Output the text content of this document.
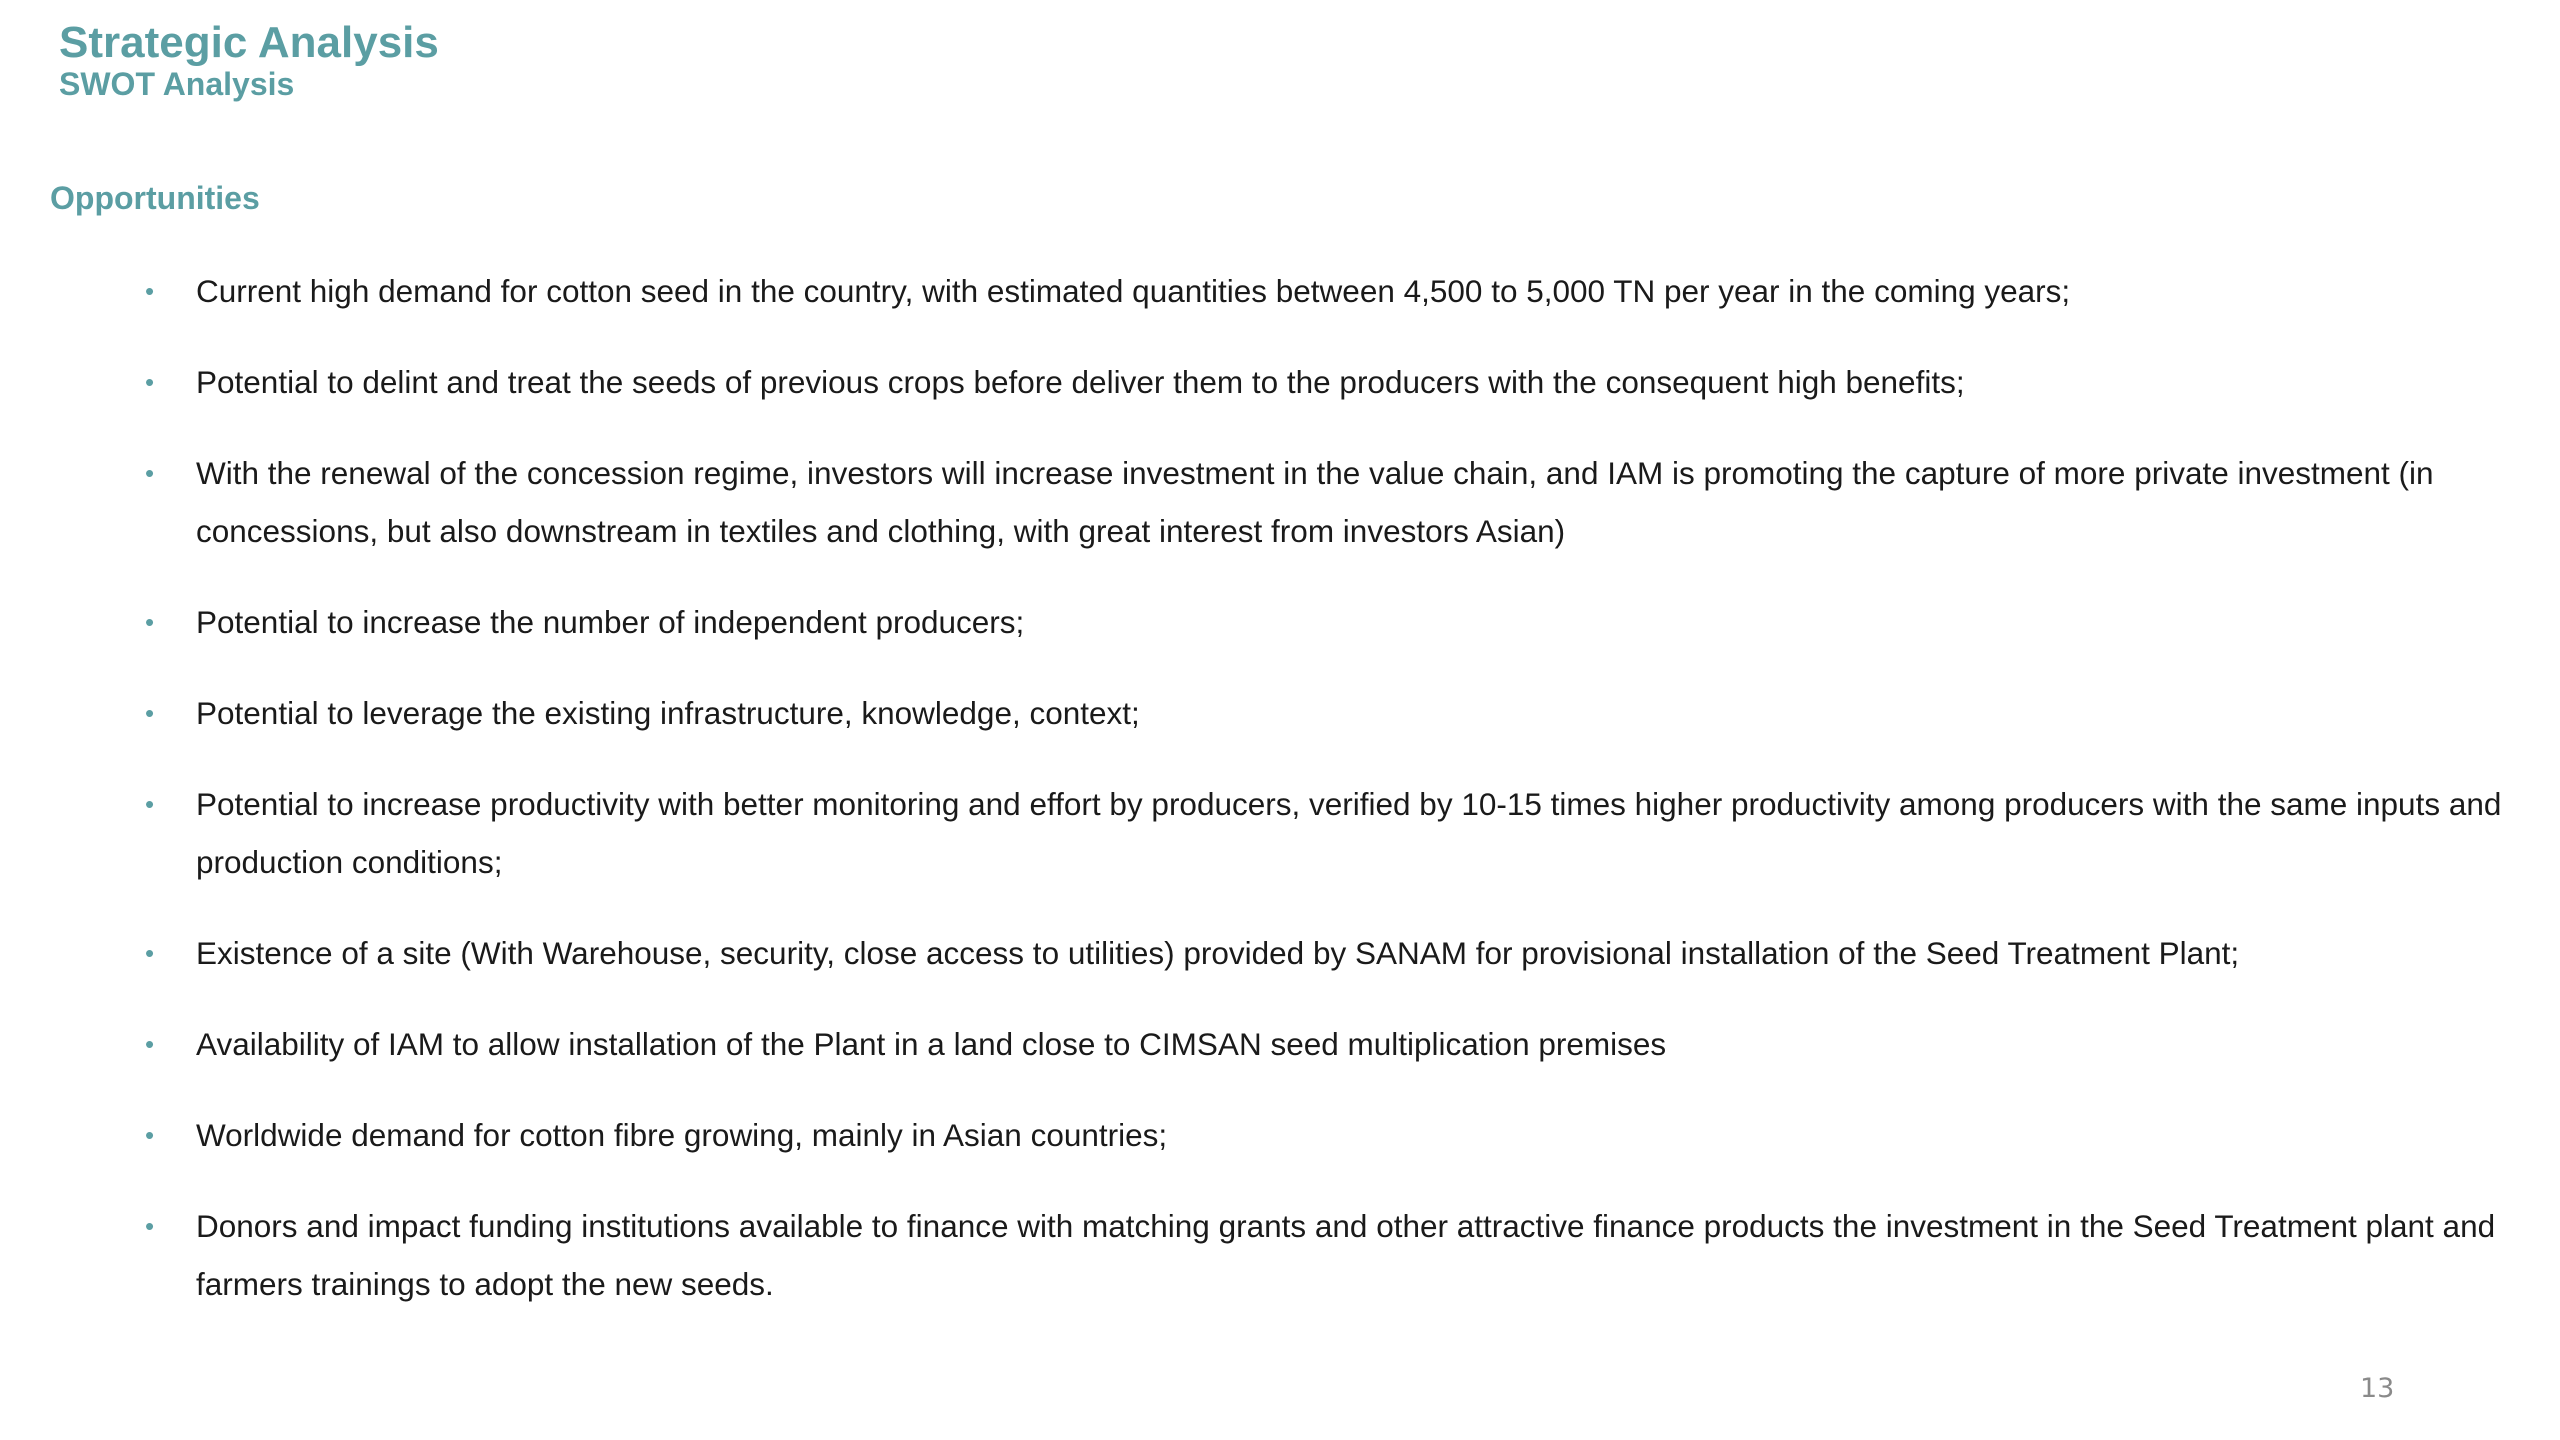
Strategic Analysis
SWOT Analysis
Opportunities
• Current high demand for cotton seed in the country, with estimated quantities between 4,500 to 5,000 TN per year in the coming years;
• Potential to delint and treat the seeds of previous crops before deliver them to the producers with the consequent high benefits;
• With the renewal of the concession regime, investors will increase investment in the value chain, and IAM is promoting the capture of more private investment (in concessions, but also downstream in textiles and clothing, with great interest from investors Asian)
• Potential to increase the number of independent producers;
• Potential to leverage the existing infrastructure, knowledge, context;
• Potential to increase productivity with better monitoring and effort by producers, verified by 10-15 times higher productivity among producers with the same inputs and production conditions;
• Existence of a site (With Warehouse, security, close access to utilities) provided by SANAM for provisional installation of the Seed Treatment Plant;
• Availability of IAM to allow installation of the Plant in a land close to CIMSAN seed multiplication premises
• Worldwide demand for cotton fibre growing, mainly in Asian countries;
• Donors and impact funding institutions available to finance with matching grants and other attractive finance products the investment in the Seed Treatment plant and farmers trainings to adopt the new seeds.
13
